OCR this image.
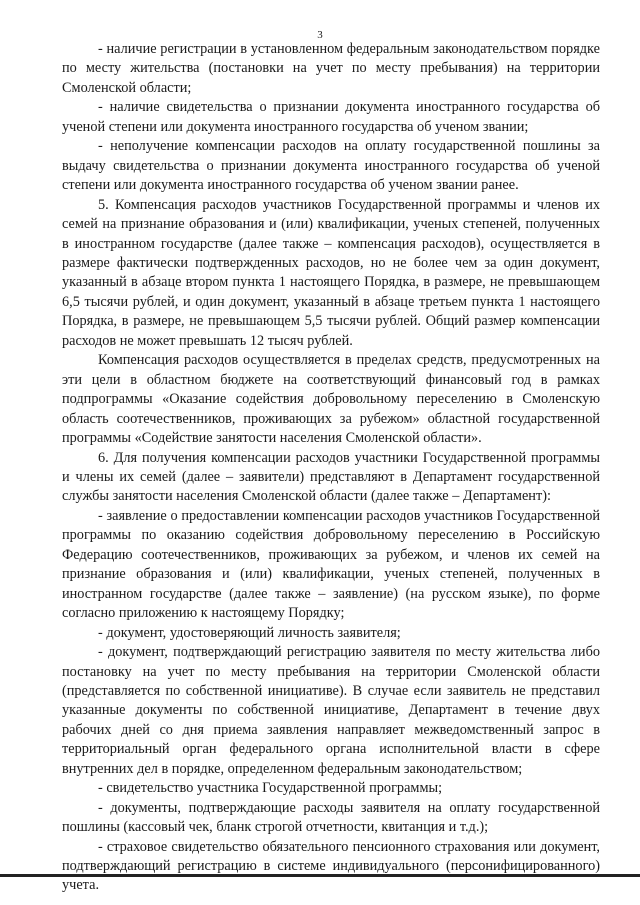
3

- наличие регистрации в установленном федеральным законодательством порядке по месту жительства (постановки на учет по месту пребывания) на территории Смоленской области;

- наличие свидетельства о признании документа иностранного государства об ученой степени или документа иностранного государства об ученом звании;

- неполучение компенсации расходов на оплату государственной пошлины за выдачу свидетельства о признании документа иностранного государства об ученой степени или документа иностранного государства об ученом звании ранее.

5. Компенсация расходов участников Государственной программы и членов их семей на признание образования и (или) квалификации, ученых степеней, полученных в иностранном государстве (далее также – компенсация расходов), осуществляется в размере фактически подтвержденных расходов, но не более чем за один документ, указанный в абзаце втором пункта 1 настоящего Порядка, в размере, не превышающем 6,5 тысячи рублей, и один документ, указанный в абзаце третьем пункта 1 настоящего Порядка, в размере, не превышающем 5,5 тысячи рублей. Общий размер компенсации расходов не может превышать 12 тысяч рублей.

Компенсация расходов осуществляется в пределах средств, предусмотренных на эти цели в областном бюджете на соответствующий финансовый год в рамках подпрограммы «Оказание содействия добровольному переселению в Смоленскую область соотечественников, проживающих за рубежом» областной государственной программы «Содействие занятости населения Смоленской области».

6. Для получения компенсации расходов участники Государственной программы и члены их семей (далее – заявители) представляют в Департамент государственной службы занятости населения Смоленской области (далее также – Департамент):

- заявление о предоставлении компенсации расходов участников Государственной программы по оказанию содействия добровольному переселению в Российскую Федерацию соотечественников, проживающих за рубежом, и членов их семей на признание образования и (или) квалификации, ученых степеней, полученных в иностранном государстве (далее также – заявление) (на русском языке), по форме согласно приложению к настоящему Порядку;

- документ, удостоверяющий личность заявителя;

- документ, подтверждающий регистрацию заявителя по месту жительства либо постановку на учет по месту пребывания на территории Смоленской области (представляется по собственной инициативе). В случае если заявитель не представил указанные документы по собственной инициативе, Департамент в течение двух рабочих дней со дня приема заявления направляет межведомственный запрос в территориальный орган федерального органа исполнительной власти в сфере внутренних дел в порядке, определенном федеральным законодательством;

- свидетельство участника Государственной программы;

- документы, подтверждающие расходы заявителя на оплату государственной пошлины (кассовый чек, бланк строгой отчетности, квитанция и т.д.);

- страховое свидетельство обязательного пенсионного страхования или документ, подтверждающий регистрацию в системе индивидуального (персонифицированного) учета.
